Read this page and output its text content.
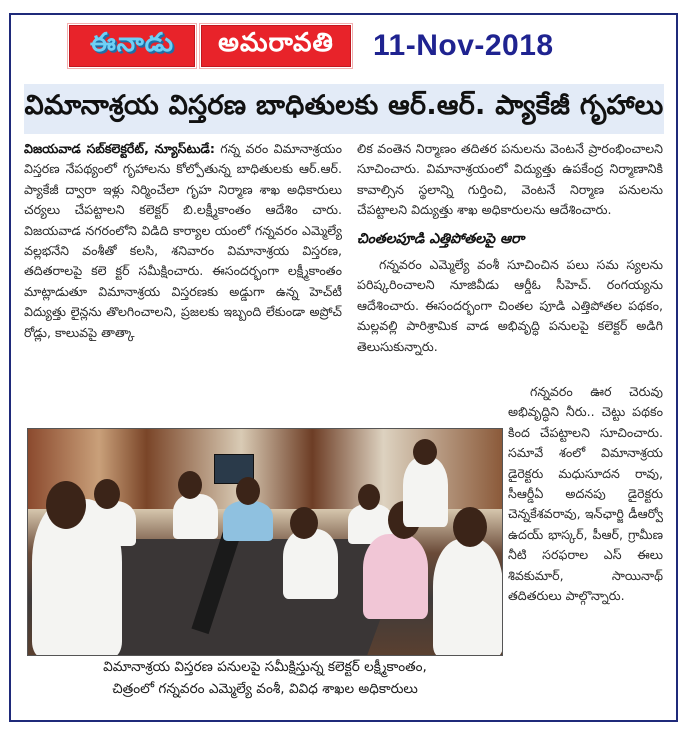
ఈనాడు	అమరావతి	11-Nov-2018
విమానాశ్రయ విస్తరణ బాధితులకు ఆర్.ఆర్. ప్యాకేజీ గృహాలు
విజయవాడ సబ్‌కలెక్టరేట్, న్యూస్‌టుడే: గన్న వరం విమానాశ్రయం విస్తరణ నేపథ్యంలో గృహాలను కోల్పోతున్న బాధితులకు ఆర్.ఆర్. ప్యాకేజీ ద్వారా ఇళ్లు నిర్మించేలా గృహ నిర్మాణ శాఖ అధికారులు చర్యలు చేపట్టాలని కలెక్టర్ బి.లక్ష్మీకాంతం ఆదేశిం చారు. విజయవాడ నగరంలోని విడిది కార్యాల యంలో గన్నవరం ఎమ్మెల్యే వల్లభనేని వంశీతో కలసి, శనివారం విమానాశ్రయ విస్తరణ, తదితరాలపై కలె క్టర్ సమీక్షించారు. ఈసందర్భంగా లక్ష్మీకాంతం మాట్లాడుతూ విమానాశ్రయ విస్తరణకు అడ్డుగా ఉన్న హెచ్‌టీ విద్యుత్తు లైన్లను తొలగించాలని, ప్రజలకు ఇబ్బంది లేకుండా అప్రోచ్ రోడ్లు, కాలువపై తాత్కా

లిక వంతెన నిర్మాణం తదితర పనులను వెంటనే ప్రారంభించాలని సూచించారు. విమానాశ్రయంలో విద్యుత్తు ఉపకేంద్ర నిర్మాణానికి కావాల్సిన స్థలాన్ని గుర్తించి, వెంటనే నిర్మాణ పనులను చేపట్టాలని విద్యుత్తు శాఖ అధికారులను ఆదేశించారు.

చింతలపూడి ఎత్తిపోతలపై ఆరా

గన్నవరం ఎమ్మెల్యే వంశీ సూచించిన పలు సమ స్యలను పరిష్కరించాలని నూజివీడు ఆర్డీఓ సీహెచ్. రంగయ్యను ఆదేశించారు. ఈసందర్భంగా చింతల పూడి ఎత్తిపోతల పథకం, మల్లవల్లి పారిశ్రామిక వాడ అభివృద్ధి పనులపై కలెక్టర్ అడిగి తెలుసుకున్నారు.

గన్నవరం ఊర చెరువు అభివృద్ధిని నీరు.. చెట్టు పథకం కింద చేపట్టాలని సూచించారు. సమావే శంలో విమానాశ్రయ డైరెక్టరు మధుసూదన రావు, సీఆర్డీఏ అదనపు డైరెక్టరు చెన్నకేశవరావు, ఇన్‌ఛార్జి డీఆర్వో ఉదయ్ భాస్కర్, పీఆర్, గ్రామీణ నీటి సరఫరాల ఎస్ ఈలు శివకుమార్, సాయినాథ్ తదితరులు పాల్గొన్నారు.

విమానాశ్రయ విస్తరణ పనులపై సమీక్షిస్తున్న కలెక్టర్ లక్ష్మీకాంతం,
చిత్రంలో గన్నవరం ఎమ్మెల్యే వంశీ, వివిధ శాఖల అధికారులు
